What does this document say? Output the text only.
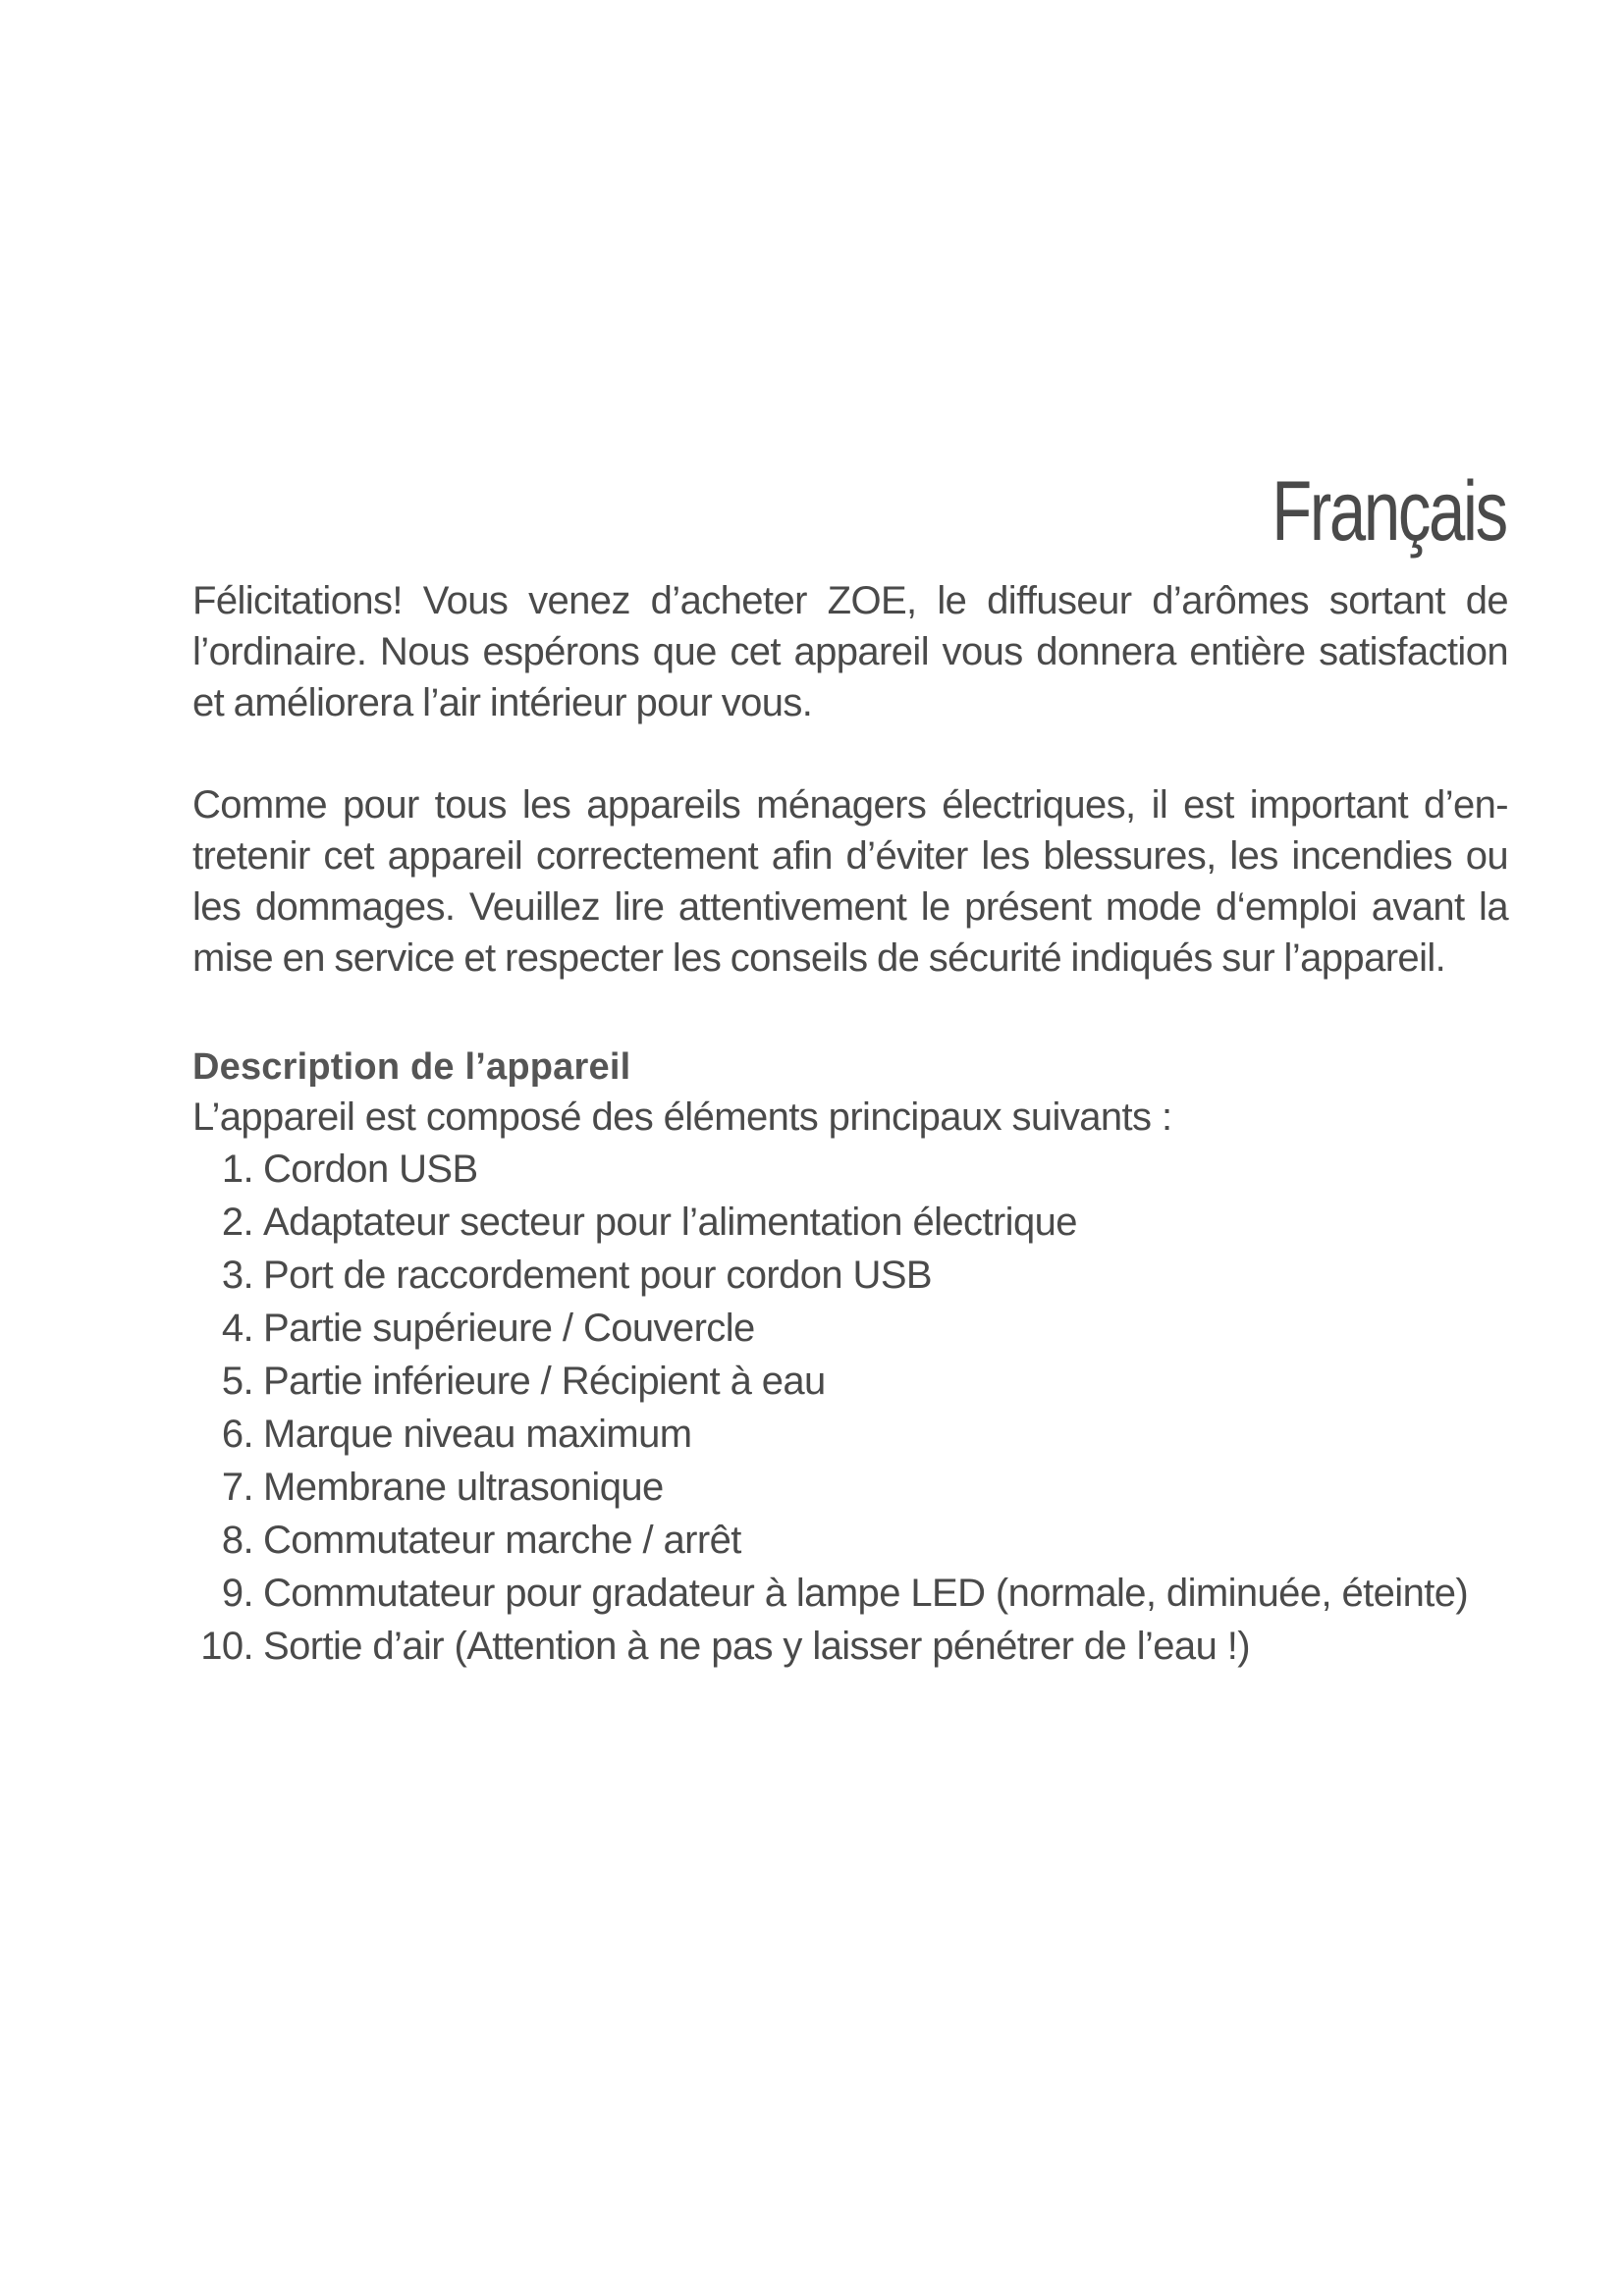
Français

Félicitations! Vous venez d’acheter ZOE, le diffuseur d’arômes sortant de l’ordinaire. Nous espérons que cet appareil vous donnera entière satisfaction et améliorera l’air intérieur pour vous.

Comme pour tous les appareils ménagers électriques, il est important d’en-tretenir cet appareil correctement afin d’éviter les blessures, les incendies ou les dommages. Veuillez lire attentivement le présent mode d‘emploi avant la mise en service et respecter les conseils de sécurité indiqués sur l’appareil.

Description de l’appareil

L’appareil est composé des éléments principaux suivants :

1. Cordon USB
2. Adaptateur secteur pour l’alimentation électrique
3. Port de raccordement pour cordon USB
4. Partie supérieure / Couvercle
5. Partie inférieure / Récipient à eau
6. Marque niveau maximum
7. Membrane ultrasonique
8. Commutateur marche / arrêt
9. Commutateur pour gradateur à lampe LED (normale, diminuée, éteinte)
10. Sortie d’air (Attention à ne pas y laisser pénétrer de l’eau !)
